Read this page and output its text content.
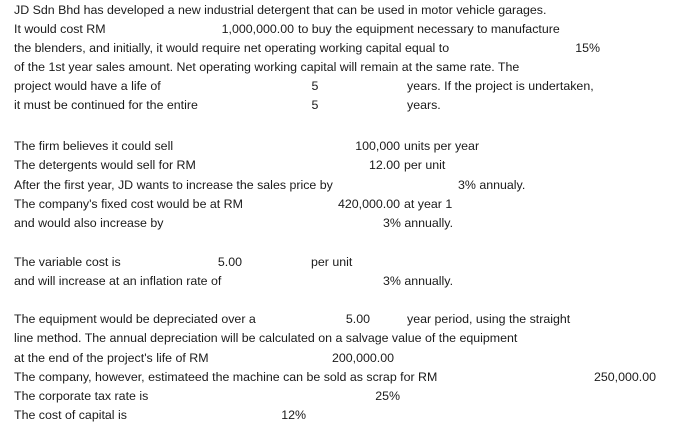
JD Sdn Bhd has developed a new industrial detergent that can be used in motor vehicle garages.
It would cost RM	1,000,000.00 to buy the equipment necessary to manufacture
the blenders, and initially, it would require net operating working capital equal to	15%
of the 1st year sales amount. Net operating working capital will remain at the same rate. The
project would have a life of	5	years. If the project is undertaken,
it must be continued for the entire	5	years.
The firm believes it could sell	100,000 units per year
The detergents would sell for RM	12.00 per unit
After the first year, JD wants to increase the sales price by	3% annualy.
The company's fixed cost would be at RM	420,000.00 at year 1
and would also increase by	3% annually.
The variable cost is	5.00	per unit
and will increase at an inflation rate of	3% annually.
The equipment would be depreciated over a	5.00	year period, using the straight
line method. The annual depreciation will be calculated on a salvage value of the equipment
at the end of the project's life of RM	200,000.00
The company, however, estimateed the machine can be sold as scrap for RM	250,000.00
The corporate tax rate is	25%
The cost of capital is	12%
